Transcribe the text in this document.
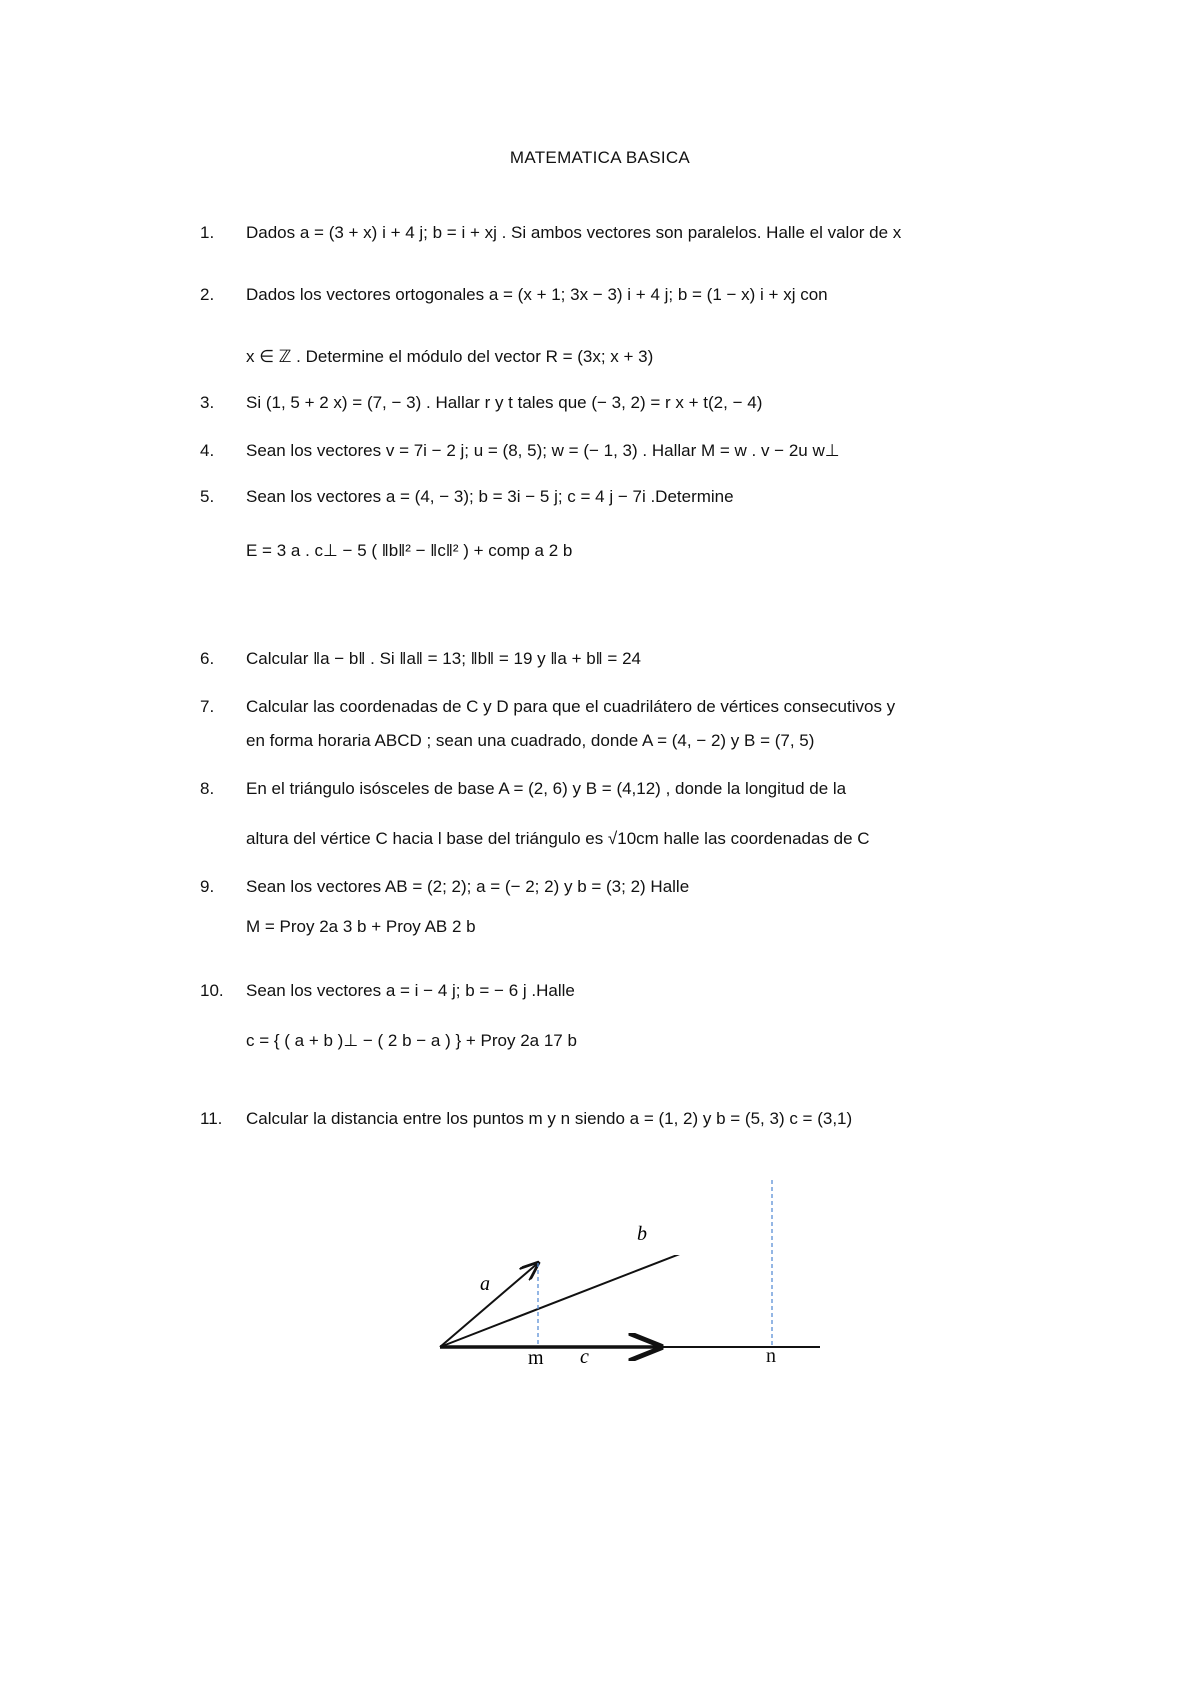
MATEMATICA BASICA
1.	Dados a = (3 + x) i + 4 j; b = i + xj . Si ambos vectores son paralelos. Halle el valor de x
2.	Dados los vectores ortogonales a = (x + 1; 3x − 3) i + 4 j; b = (1 − x) i + xj con
x ∈ ℤ . Determine el módulo del vector R = (3x; x + 3)
3.	Si (1, 5 + 2 x) = (7, − 3) . Hallar r y t tales que (− 3, 2) = r x + t(2, − 4)
4.	Sean los vectores v = 7i − 2 j; u = (8, 5); w = (− 1, 3) . Hallar M = w . v − 2u w⊥
5.	Sean los vectores a = (4, − 3); b = 3i − 5 j; c = 4 j − 7i .Determine
E = 3 a . c⊥ − 5 ( ‖b‖² − ‖c‖² ) + comp a 2 b
6.	Calcular ‖a − b‖ . Si ‖a‖ = 13; ‖b‖ = 19 y ‖a + b‖ = 24
7.	Calcular las coordenadas de C y D para que el cuadrilátero de vértices consecutivos y
en forma horaria ABCD ; sean una cuadrado, donde A = (4, − 2) y B = (7, 5)
8.	En el triángulo isósceles de base A = (2, 6) y B = (4,12) , donde la longitud de la
altura del vértice C hacia l base del triángulo es √10cm halle las coordenadas de C
9.	Sean los vectores AB = (2; 2); a = (− 2; 2) y b = (3; 2) Halle
M = Proy 2a 3 b + Proy AB 2 b
10.	Sean los vectores a = i − 4 j; b = − 6 j .Halle
c = { ( a + b )⊥ − ( 2 b − a ) } + Proy 2a 17 b
11.	Calcular la distancia entre los puntos m y n siendo a = (1, 2) y b = (5, 3) c = (3,1)
a
c
m
b
n
